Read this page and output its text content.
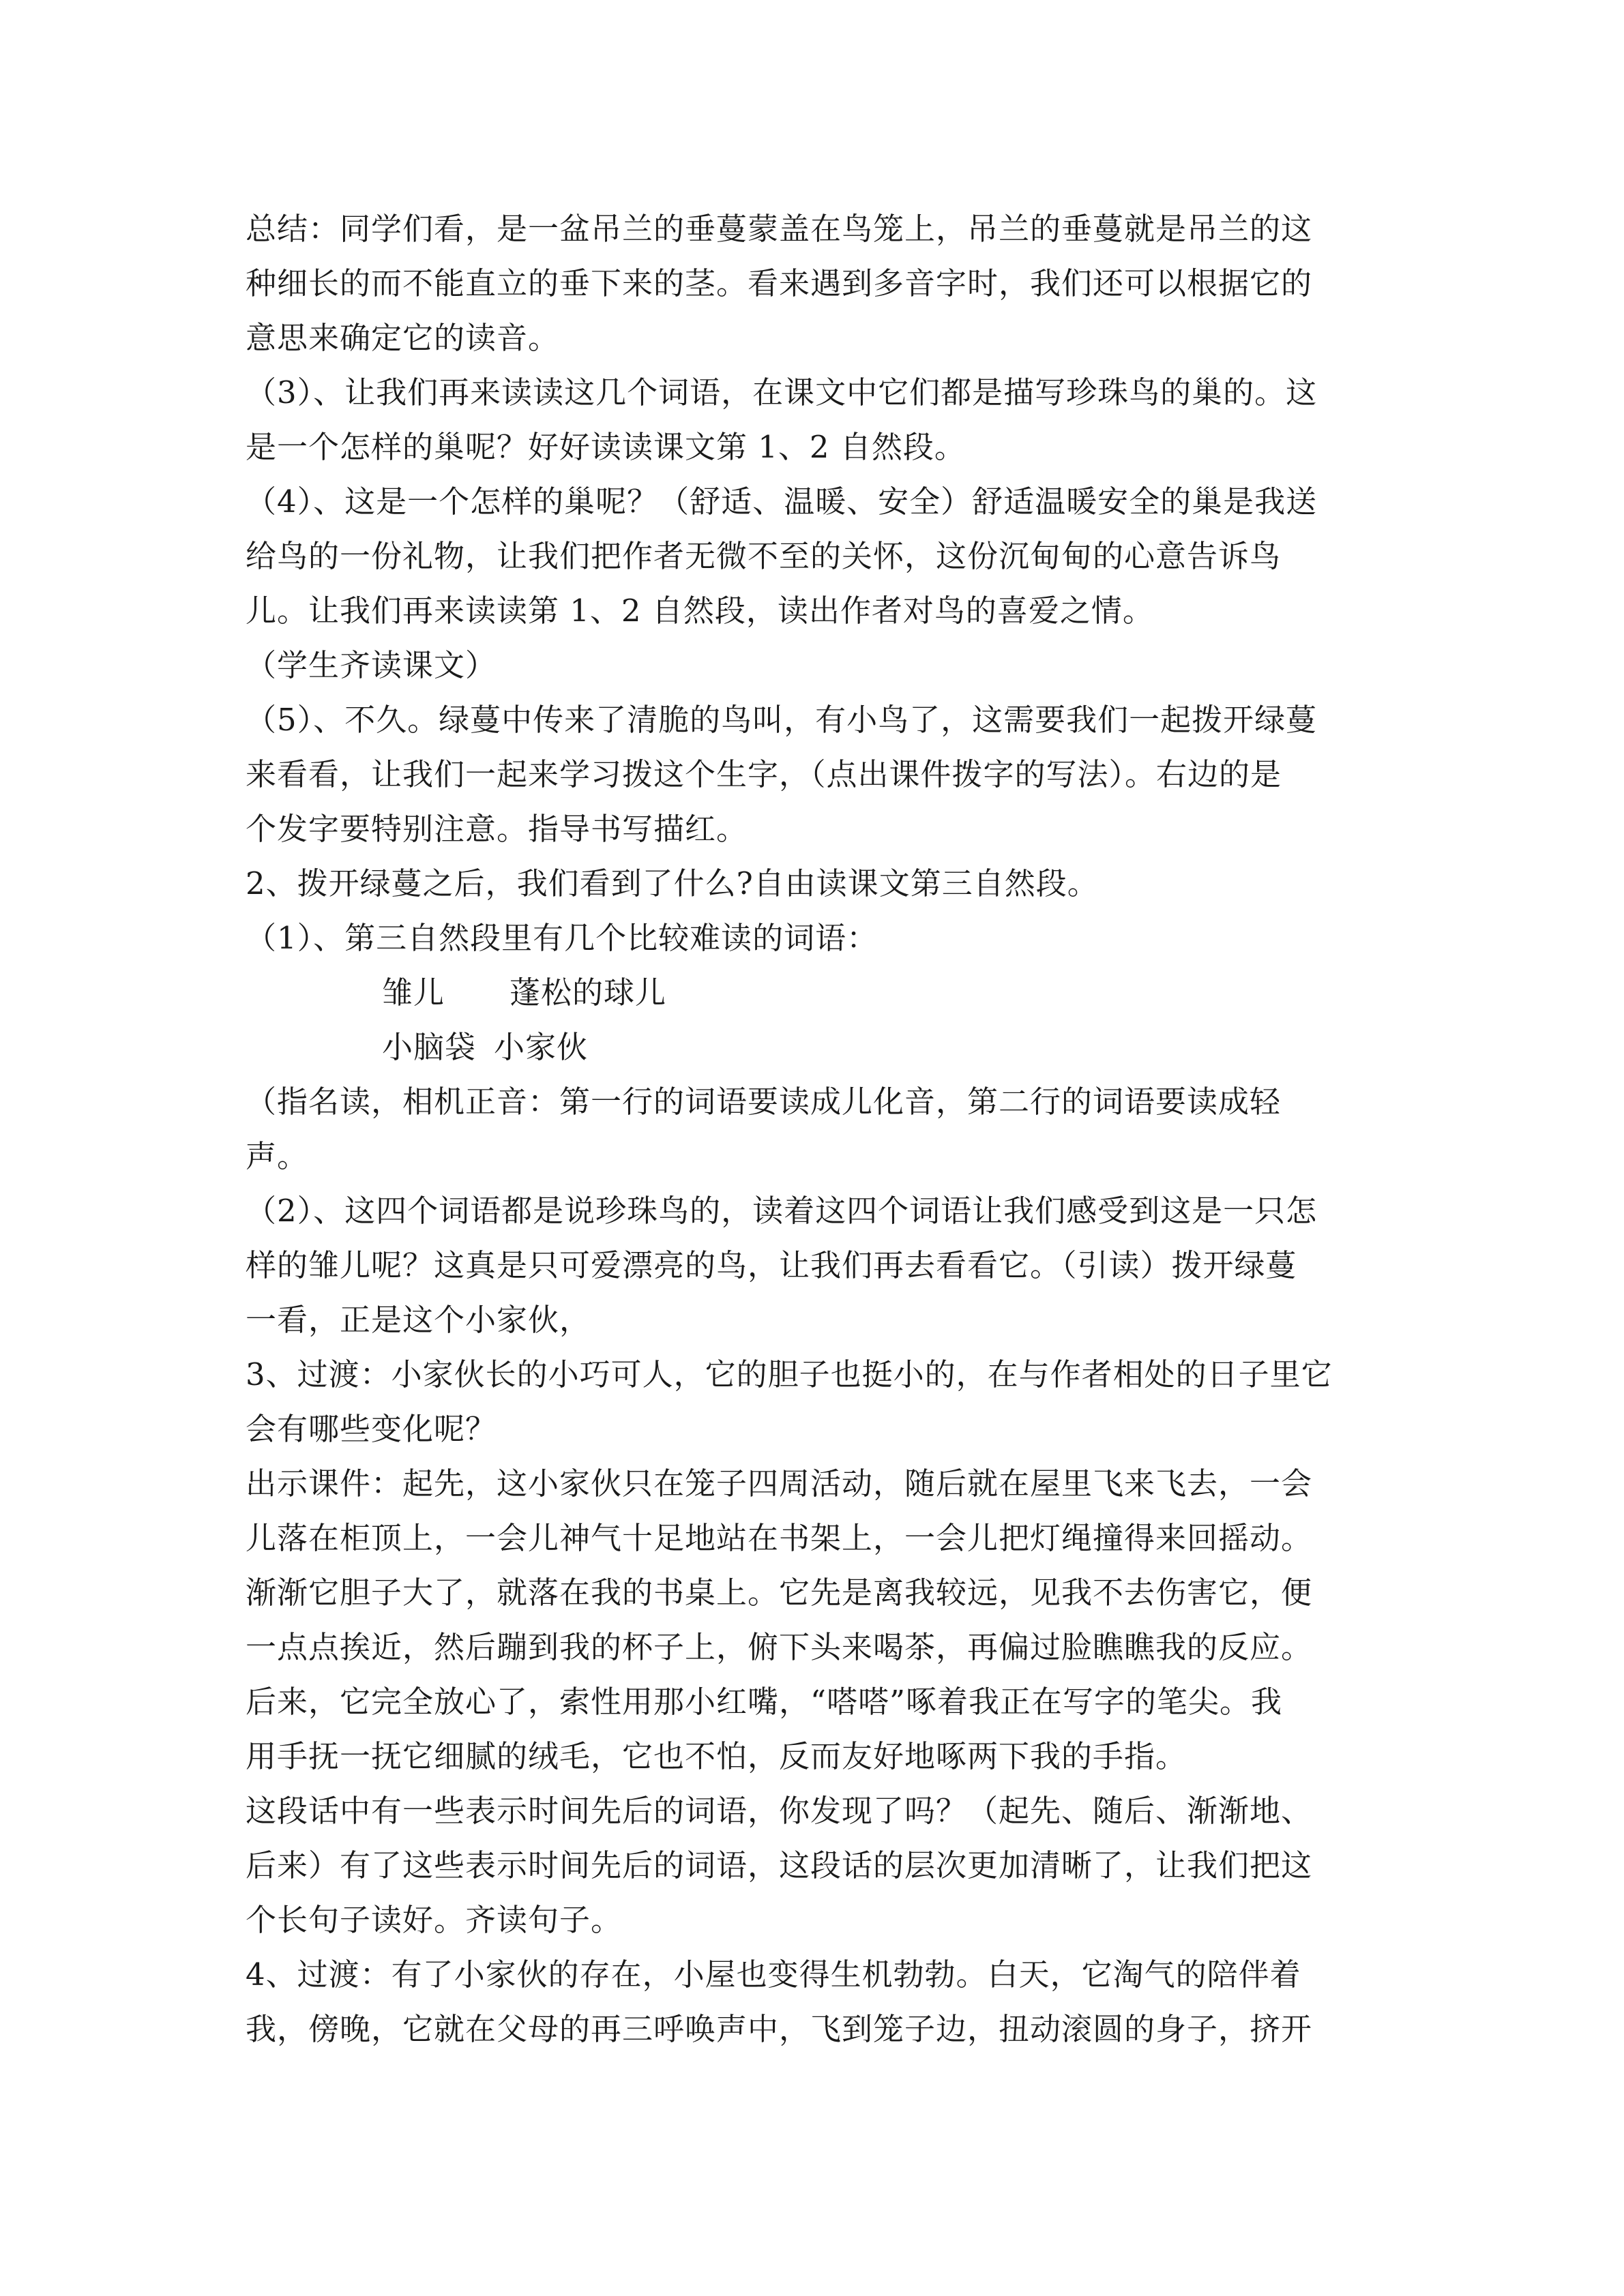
总结：同学们看，是一盆吊兰的垂蔓蒙盖在鸟笼上，吊兰的垂蔓就是吊兰的这
种细长的而不能直立的垂下来的茎。看来遇到多音字时，我们还可以根据它的
意思来确定它的读音。
（3）、让我们再来读读这几个词语，在课文中它们都是描写珍珠鸟的巢的。这
是一个怎样的巢呢？好好读读课文第 1、2 自然段。
（4）、这是一个怎样的巢呢？（舒适、温暖、安全）舒适温暖安全的巢是我送
给鸟的一份礼物，让我们把作者无微不至的关怀，这份沉甸甸的心意告诉鸟
儿。让我们再来读读第 1、2 自然段，读出作者对鸟的喜爱之情。
（学生齐读课文）
（5）、不久。绿蔓中传来了清脆的鸟叫，有小鸟了，这需要我们一起拨开绿蔓
来看看，让我们一起来学习拨这个生字，（点出课件拨字的写法）。右边的是
个发字要特别注意。指导书写描红。
2、拨开绿蔓之后，我们看到了什么?自由读课文第三自然段。
（1）、第三自然段里有几个比较难读的词语：
雏儿 蓬松的球儿
小脑袋 小家伙
（指名读，相机正音：第一行的词语要读成儿化音，第二行的词语要读成轻
声。
（2）、这四个词语都是说珍珠鸟的，读着这四个词语让我们感受到这是一只怎
样的雏儿呢？这真是只可爱漂亮的鸟，让我们再去看看它。（引读）拨开绿蔓
一看，正是这个小家伙，
3、过渡：小家伙长的小巧可人，它的胆子也挺小的，在与作者相处的日子里它
会有哪些变化呢？
出示课件：起先，这小家伙只在笼子四周活动，随后就在屋里飞来飞去，一会
儿落在柜顶上，一会儿神气十足地站在书架上，一会儿把灯绳撞得来回摇动。
渐渐它胆子大了，就落在我的书桌上。它先是离我较远，见我不去伤害它，便
一点点挨近，然后蹦到我的杯子上，俯下头来喝茶，再偏过脸瞧瞧我的反应。
后来，它完全放心了，索性用那小红嘴，“嗒嗒”啄着我正在写字的笔尖。我
用手抚一抚它细腻的绒毛，它也不怕，反而友好地啄两下我的手指。
这段话中有一些表示时间先后的词语，你发现了吗？（起先、随后、渐渐地、
后来）有了这些表示时间先后的词语，这段话的层次更加清晰了，让我们把这
个长句子读好。齐读句子。
4、过渡：有了小家伙的存在，小屋也变得生机勃勃。白天，它淘气的陪伴着
我，傍晚，它就在父母的再三呼唤声中，飞到笼子边，扭动滚圆的身子，挤开
